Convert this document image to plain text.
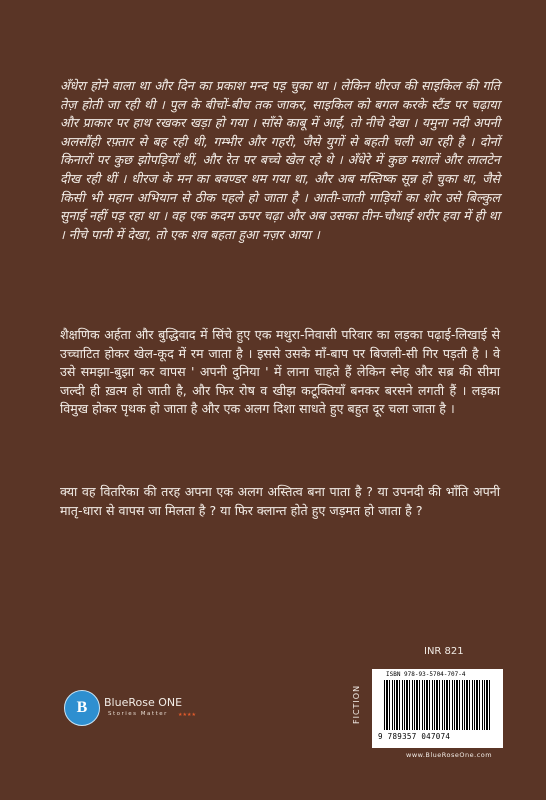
अँधेरा होने वाला था और दिन का प्रकाश मन्द पड़ चुका था । लेकिन धीरज की साइकिल की गति तेज़ होती जा रही थी । पुल के बीचों-बीच तक जाकर, साइकिल को बगल करके स्टैंड पर चढ़ाया और प्राकार पर हाथ रखकर खड़ा हो गया । साँसे काबू में आईं, तो नीचे देखा । यमुना नदी अपनी अलसौंही रफ़्तार से बह रही थी, गम्भीर और गहरी, जैसे युगों से बहती चली आ रही है । दोनों किनारों पर कुछ झोपड़ियाँ थीं, और रेत पर बच्चे खेल रहे थे । अँधेरे में कुछ मशालें और लालटेन दीख रही थीं । धीरज के मन का बवण्डर थम गया था, और अब मस्तिष्क सून्न हो चुका था, जैसे किसी भी महान अभियान से ठीक पहले हो जाता है । आती-जाती गाड़ियों का शोर उसे बिल्कुल सुनाई नहीं पड़ रहा था । वह एक कदम ऊपर चढ़ा और अब उसका तीन-चौथाई शरीर हवा में ही था । नीचे पानी में देखा, तो एक शव बहता हुआ नज़र आया ।

शैक्षणिक अर्हता और बुद्धिवाद में सिंचे हुए एक मथुरा-निवासी परिवार का लड़का पढ़ाई-लिखाई से उच्चाटित होकर खेल-कूद में रम जाता है । इससे उसके माँ-बाप पर बिजली-सी गिर पड़ती है । वे उसे समझा-बुझा कर वापस ' अपनी दुनिया ' में लाना चाहते हैं लेकिन स्नेह और सब्र की सीमा जल्दी ही ख़त्म हो जाती है, और फिर रोष व खीझ कटूक्तियाँ बनकर बरसने लगती हैं । लड़का विमुख होकर पृथक हो जाता है और एक अलग दिशा साधते हुए बहुत दूर चला जाता है ।

क्या वह वितरिका की तरह अपना एक अलग अस्तित्व बना पाता है ? या उपनदी की भाँति अपनी मातृ-धारा से वापस जा मिलता है ? या फिर क्लान्त होते हुए जड़मत हो जाता है ?

B BlueRose ONE
Stories Matter ★★★★
INR 821
FICTION
ISBN 978-93-5704-707-4
9 789357 047074
www.BlueRoseOne.com
